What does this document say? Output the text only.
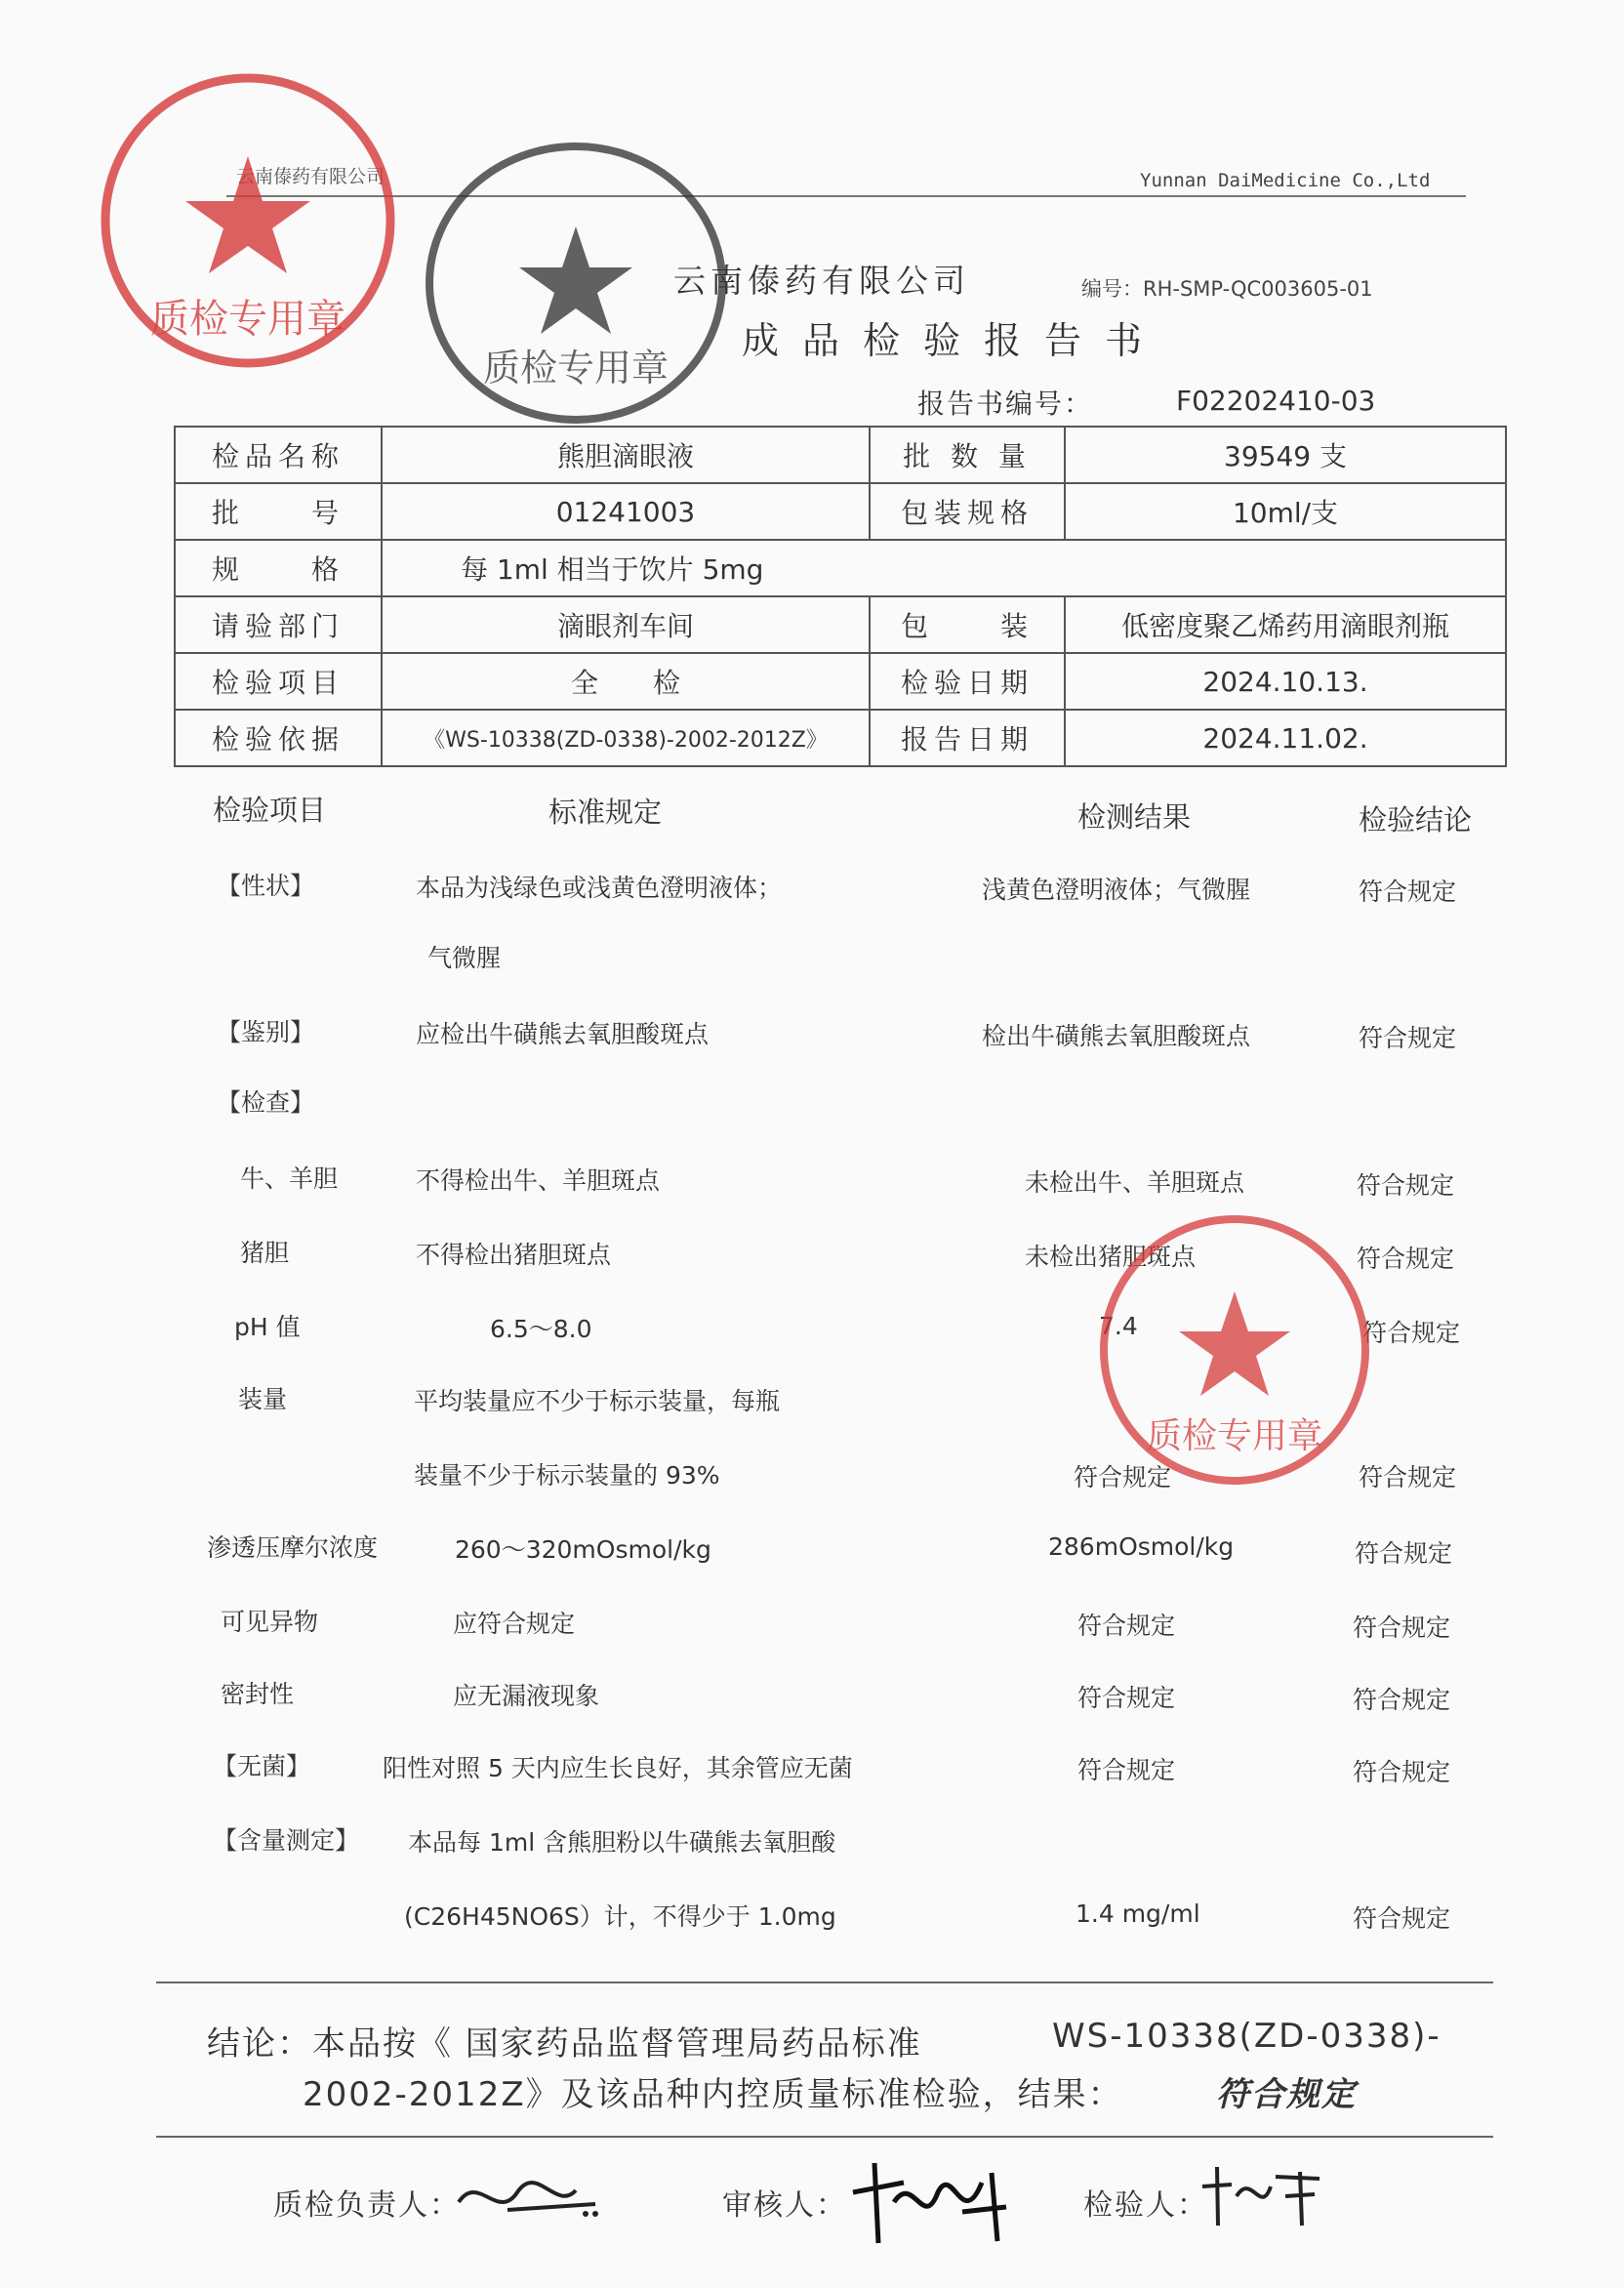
云南傣药有限公司	Yunnan DaiMedicine Co.,Ltd
云南傣药有限公司	编号：RH-SMP-QC003605-01
成品检验报告书
报告书编号：	F02202410-03
检品名称	熊胆滴眼液	批 数 量	39549 支
批　　号	01241003	包装规格	10ml/支
规　　格	每 1ml 相当于饮片 5mg		
请验部门	滴眼剂车间	包　　装	低密度聚乙烯药用滴眼剂瓶
检验项目	全　　检	检验日期	2024.10.13.
检验依据	《WS-10338(ZD-0338)-2002-2012Z》	报告日期	2024.11.02.
检验项目	标准规定	检测结果	检验结论
【性状】	本品为浅绿色或浅黄色澄明液体；	浅黄色澄明液体；气微腥	符合规定
气微腥
【鉴别】	应检出牛磺熊去氧胆酸斑点	检出牛磺熊去氧胆酸斑点	符合规定
【检查】
牛、羊胆	不得检出牛、羊胆斑点	未检出牛、羊胆斑点	符合规定
猪胆	不得检出猪胆斑点	未检出猪胆斑点	符合规定
pH 值	6.5～8.0	7.4	符合规定
装量	平均装量应不少于标示装量，每瓶
装量不少于标示装量的 93%	符合规定	符合规定
渗透压摩尔浓度	260～320mOsmol/kg	286mOsmol/kg	符合规定
可见异物	应符合规定	符合规定	符合规定
密封性	应无漏液现象	符合规定	符合规定
【无菌】	阳性对照 5 天内应生长良好，其余管应无菌	符合规定	符合规定
【含量测定】 本品每 1ml 含熊胆粉以牛磺熊去氧胆酸
(C26H45NO6S）计，不得少于 1.0mg	1.4 mg/ml	符合规定
结论：本品按《 国家药品监督管理局药品标准	WS-10338(ZD-0338)-
2002-2012Z》及该品种内控质量标准检验，结果：	符合规定
质检负责人：	审核人：	检验人：
质检专用章
质检专用章
质检专用章
